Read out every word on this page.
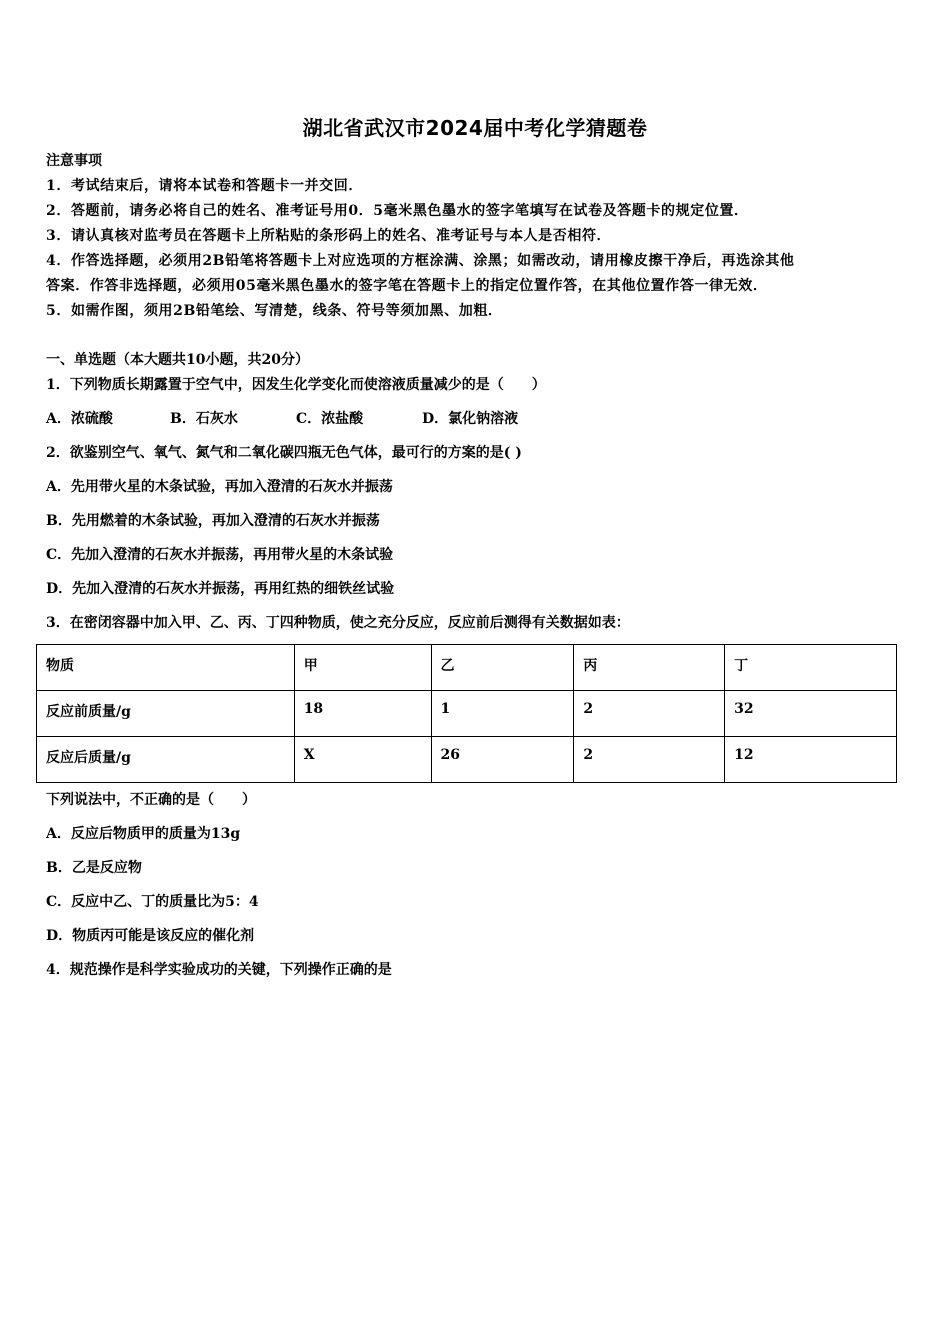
湖北省武汉市2024届中考化学猜题卷
注意事项
1．考试结束后，请将本试卷和答题卡一并交回．
2．答题前，请务必将自己的姓名、准考证号用0．5毫米黑色墨水的签字笔填写在试卷及答题卡的规定位置．
3．请认真核对监考员在答题卡上所粘贴的条形码上的姓名、准考证号与本人是否相符．
4．作答选择题，必须用2B铅笔将答题卡上对应选项的方框涂满、涂黑；如需改动，请用橡皮擦干净后，再选涂其他
答案．作答非选择题，必须用05毫米黑色墨水的签字笔在答题卡上的指定位置作答，在其他位置作答一律无效．
5．如需作图，须用2B铅笔绘、写清楚，线条、符号等须加黑、加粗．
一、单选题（本大题共10小题，共20分）
1．下列物质长期露置于空气中，因发生化学变化而使溶液质量减少的是（　　）
A．浓硫酸	B．石灰水	C．浓盐酸	D．氯化钠溶液
2．欲鉴别空气、氧气、氮气和二氧化碳四瓶无色气体，最可行的方案的是( )
A．先用带火星的木条试验，再加入澄清的石灰水并振荡
B．先用燃着的木条试验，再加入澄清的石灰水并振荡
C．先加入澄清的石灰水并振荡，再用带火星的木条试验
D．先加入澄清的石灰水并振荡，再用红热的细铁丝试验
3．在密闭容器中加入甲、乙、丙、丁四种物质，使之充分反应，反应前后测得有关数据如表：
物质	甲	乙	丙	丁
反应前质量/g	18	1	2	32
反应后质量/g	X	26	2	12
下列说法中，不正确的是（　　）
A．反应后物质甲的质量为13g
B．乙是反应物
C．反应中乙、丁的质量比为5：4
D．物质丙可能是该反应的催化剂
4．规范操作是科学实验成功的关键，下列操作正确的是
